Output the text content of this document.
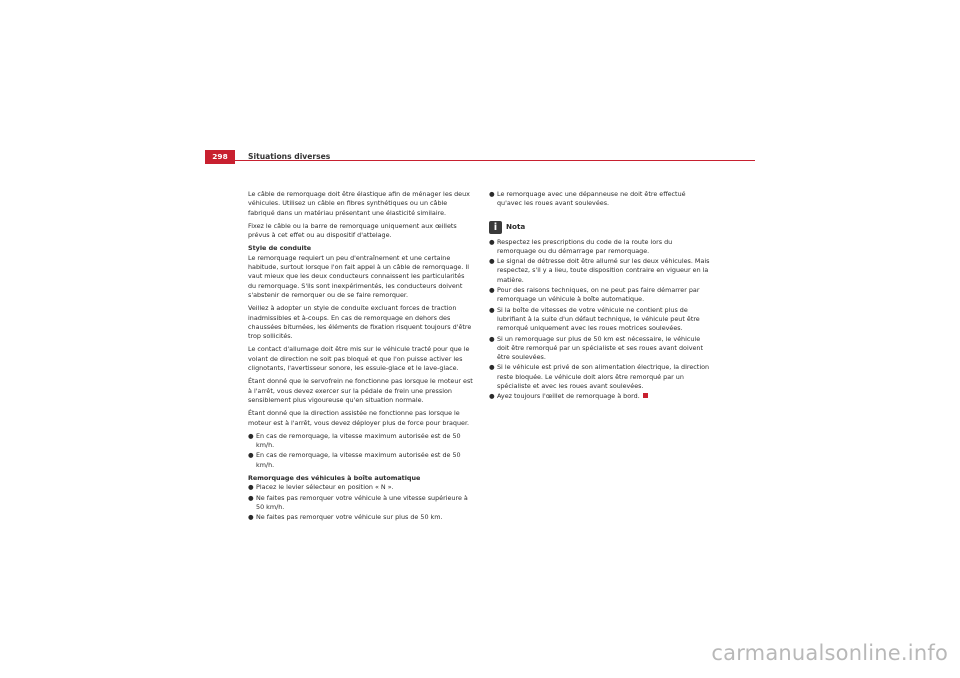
298	Situations diverses

Le câble de remorquage doit être élastique afin de ménager les deux véhicules. Utilisez un câble en fibres synthétiques ou un câble fabriqué dans un matériau présentant une élasticité similaire.

Fixez le câble ou la barre de remorquage uniquement aux œillets prévus à cet effet ou au dispositif d'attelage.

Style de conduite

Le remorquage requiert un peu d'entraînement et une certaine habitude, surtout lorsque l'on fait appel à un câble de remorquage. Il vaut mieux que les deux conducteurs connaissent les particularités du remorquage. S'ils sont inexpérimentés, les conducteurs doivent s'abstenir de remorquer ou de se faire remorquer.

Veillez à adopter un style de conduite excluant forces de traction inadmissibles et à-coups. En cas de remorquage en dehors des chaussées bitumées, les éléments de fixation risquent toujours d'être trop sollicités.

Le contact d'allumage doit être mis sur le véhicule tracté pour que le volant de direction ne soit pas bloqué et que l'on puisse activer les clignotants, l'avertisseur sonore, les essuie-glace et le lave-glace.

Étant donné que le servofrein ne fonctionne pas lorsque le moteur est à l'arrêt, vous devez exercer sur la pédale de frein une pression sensiblement plus vigoureuse qu'en situation normale.

Étant donné que la direction assistée ne fonctionne pas lorsque le moteur est à l'arrêt, vous devez déployer plus de force pour braquer.

● En cas de remorquage, la vitesse maximum autorisée est de 50 km/h.
● En cas de remorquage, la vitesse maximum autorisée est de 50 km/h.

Remorquage des véhicules à boîte automatique

● Placez le levier sélecteur en position « N ».
● Ne faites pas remorquer votre véhicule à une vitesse supérieure à 50 km/h.
● Ne faites pas remorquer votre véhicule sur plus de 50 km.
● Le remorquage avec une dépanneuse ne doit être effectué qu'avec les roues avant soulevées.
i	Nota
● Respectez les prescriptions du code de la route lors du remorquage ou du démarrage par remorquage.
● Le signal de détresse doit être allumé sur les deux véhicules. Mais respectez, s'il y a lieu, toute disposition contraire en vigueur en la matière.
● Pour des raisons techniques, on ne peut pas faire démarrer par remorquage un véhicule à boîte automatique.
● Si la boîte de vitesses de votre véhicule ne contient plus de lubrifiant à la suite d'un défaut technique, le véhicule peut être remorqué uniquement avec les roues motrices soulevées.
● Si un remorquage sur plus de 50 km est nécessaire, le véhicule doit être remorqué par un spécialiste et ses roues avant doivent être soulevées.
● Si le véhicule est privé de son alimentation électrique, la direction reste bloquée. Le véhicule doit alors être remorqué par un spécialiste et avec les roues avant soulevées.
● Ayez toujours l'œillet de remorquage à bord.
carmanualsonline.info
